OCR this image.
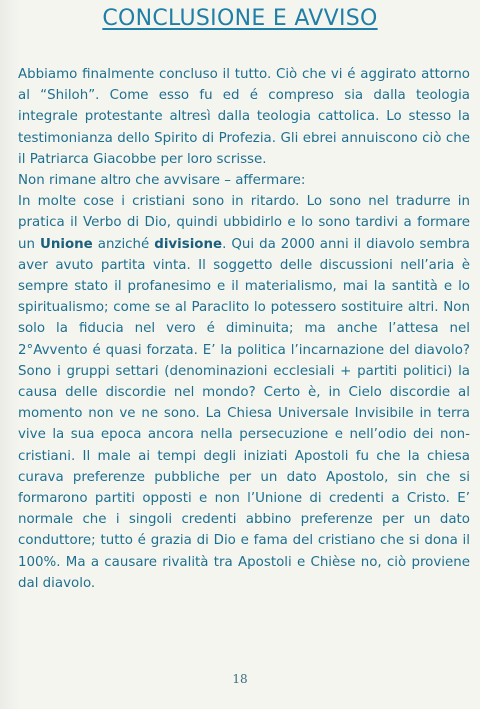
CONCLUSIONE E AVVISO

Abbiamo finalmente concluso il tutto. Ciò che vi é aggirato attorno al “Shiloh”. Come esso fu ed é compreso sia dalla teologia integrale protestante altresì dalla teologia cattolica. Lo stesso la testimonianza dello Spirito di Profezia. Gli ebrei annuiscono ciò che il Patriarca Giacobbe per loro scrisse.

Non rimane altro che avvisare – affermare:

In molte cose i cristiani sono in ritardo. Lo sono nel tradurre in pratica il Verbo di Dio, quindi ubbidirlo e lo sono tardivi a formare un Unione anziché divisione. Qui da 2000 anni il diavolo sembra aver avuto partita vinta. Il soggetto delle discussioni nell’aria è sempre stato il profanesimo e il materialismo, mai la santità e lo spiritualismo; come se al Paraclito lo potessero sostituire altri. Non solo la fiducia nel vero é diminuita; ma anche l’attesa nel 2°Avvento é quasi forzata. E’ la politica l’incarnazione del diavolo? Sono i gruppi settari (denominazioni ecclesiali + partiti politici) la causa delle discordie nel mondo? Certo è, in Cielo discordie al momento non ve ne sono. La Chiesa Universale Invisibile in terra vive la sua epoca ancora nella persecuzione e nell’odio dei non-cristiani. Il male ai tempi degli iniziati Apostoli fu che la chiesa curava preferenze pubbliche per un dato Apostolo, sin che si formarono partiti opposti e non l’Unione di credenti a Cristo. E’ normale che i singoli credenti abbino preferenze per un dato conduttore; tutto é grazia di Dio e fama del cristiano che si dona il 100%. Ma a causare rivalità tra Apostoli e Chièse no, ciò proviene dal diavolo.

18
